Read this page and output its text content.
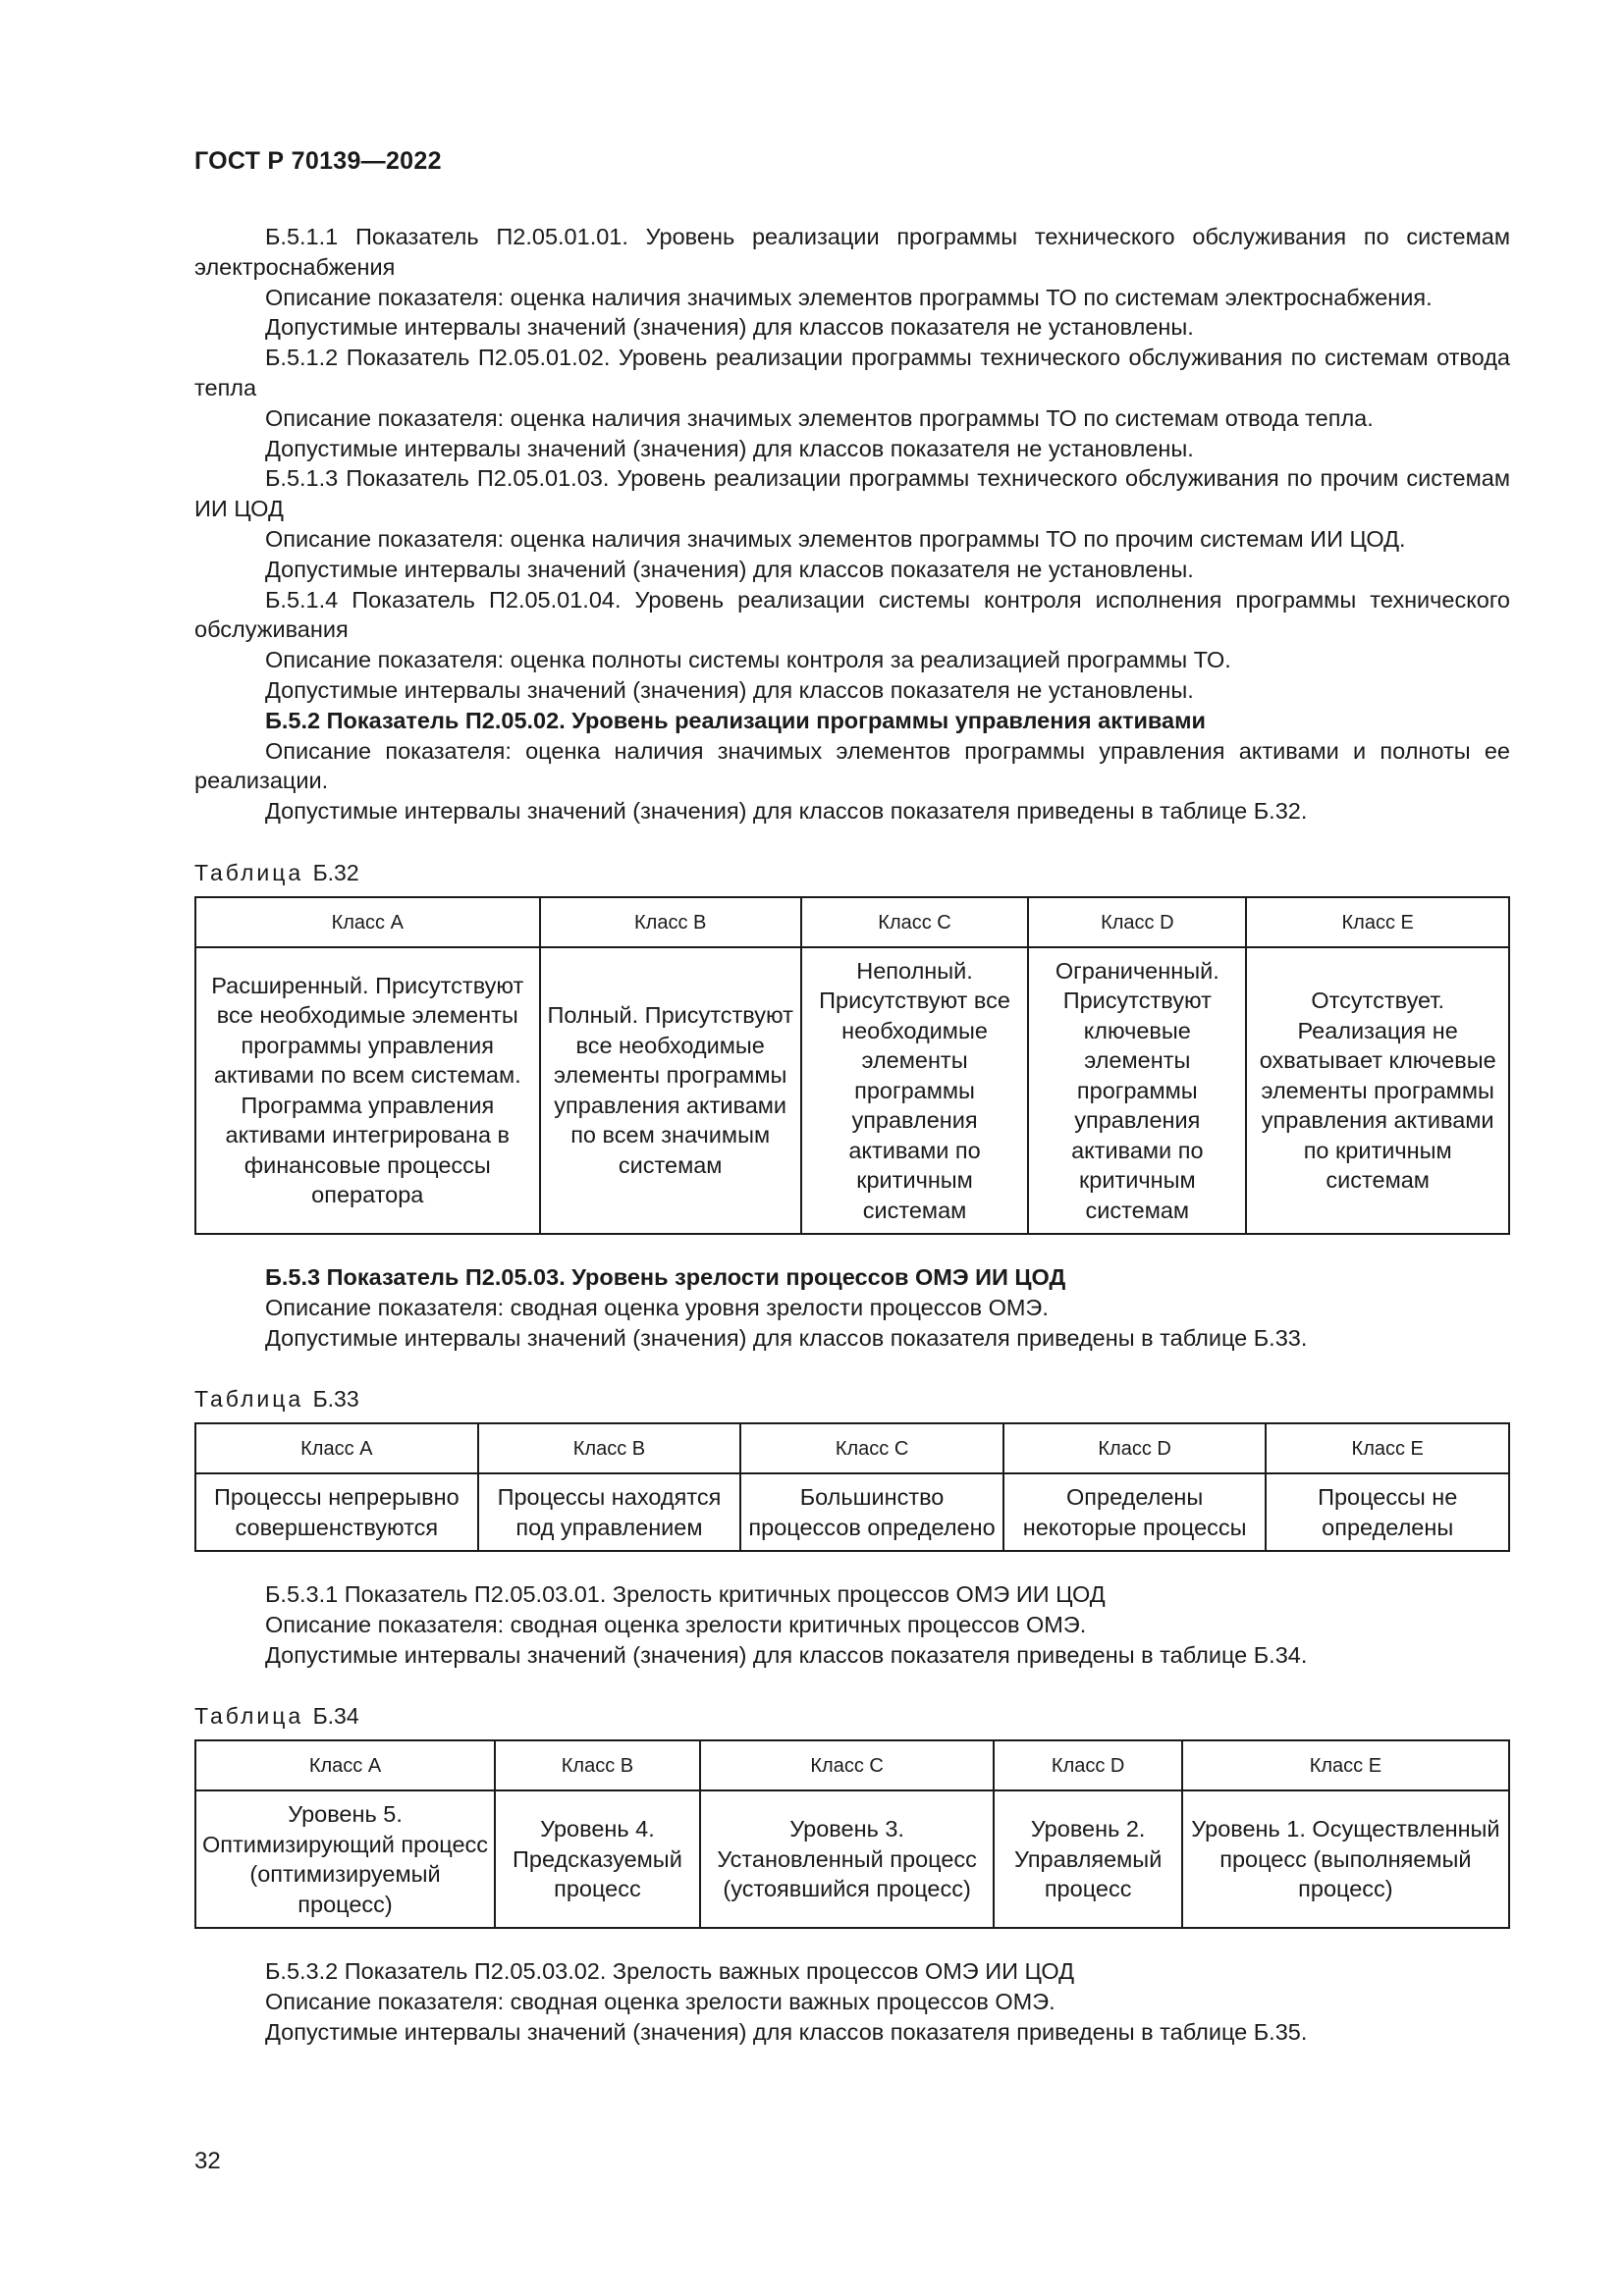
ГОСТ Р 70139—2022

Б.5.1.1 Показатель П2.05.01.01. Уровень реализации программы технического обслуживания по системам электроснабжения

Описание показателя: оценка наличия значимых элементов программы ТО по системам электроснабжения.

Допустимые интервалы значений (значения) для классов показателя не установлены.

Б.5.1.2 Показатель П2.05.01.02. Уровень реализации программы технического обслуживания по системам отвода тепла

Описание показателя: оценка наличия значимых элементов программы ТО по системам отвода тепла.

Допустимые интервалы значений (значения) для классов показателя не установлены.

Б.5.1.3 Показатель П2.05.01.03. Уровень реализации программы технического обслуживания по прочим системам ИИ ЦОД

Описание показателя: оценка наличия значимых элементов программы ТО по прочим системам ИИ ЦОД.

Допустимые интервалы значений (значения) для классов показателя не установлены.

Б.5.1.4 Показатель П2.05.01.04. Уровень реализации системы контроля исполнения программы технического обслуживания

Описание показателя: оценка полноты системы контроля за реализацией программы ТО.

Допустимые интервалы значений (значения) для классов показателя не установлены.

Б.5.2 Показатель П2.05.02. Уровень реализации программы управления активами

Описание показателя: оценка наличия значимых элементов программы управления активами и полноты ее реализации.

Допустимые интервалы значений (значения) для классов показателя приведены в таблице Б.32.

Таблица Б.32
Класс A	Класс B	Класс C	Класс D	Класс E
Расширенный. Присутствуют все необходимые элементы программы управления активами по всем системам. Программа управления активами интегрирована в финансовые процессы оператора	Полный. Присутствуют все необходимые элементы программы управления активами по всем значимым системам	Неполный. Присутствуют все необходимые элементы программы управления активами по критичным системам	Ограниченный. Присутствуют ключевые элементы программы управления активами по критичным системам	Отсутствует. Реализация не охватывает ключевые элементы программы управления активами по критичным системам

Б.5.3 Показатель П2.05.03. Уровень зрелости процессов ОМЭ ИИ ЦОД

Описание показателя: сводная оценка уровня зрелости процессов ОМЭ.

Допустимые интервалы значений (значения) для классов показателя приведены в таблице Б.33.

Таблица Б.33
Класс A	Класс B	Класс C	Класс D	Класс E
Процессы непрерывно совершенствуются	Процессы находятся под управлением	Большинство процессов определено	Определены некоторые процессы	Процессы не определены

Б.5.3.1 Показатель П2.05.03.01. Зрелость критичных процессов ОМЭ ИИ ЦОД

Описание показателя: сводная оценка зрелости критичных процессов ОМЭ.

Допустимые интервалы значений (значения) для классов показателя приведены в таблице Б.34.

Таблица Б.34
Класс A	Класс B	Класс C	Класс D	Класс E
Уровень 5. Оптимизирующий процесс (оптимизируемый процесс)	Уровень 4. Предсказуемый процесс	Уровень 3. Установленный процесс (устоявшийся процесс)	Уровень 2. Управляемый процесс	Уровень 1. Осуществленный процесс (выполняемый процесс)

Б.5.3.2 Показатель П2.05.03.02. Зрелость важных процессов ОМЭ ИИ ЦОД

Описание показателя: сводная оценка зрелости важных процессов ОМЭ.

Допустимые интервалы значений (значения) для классов показателя приведены в таблице Б.35.

32
